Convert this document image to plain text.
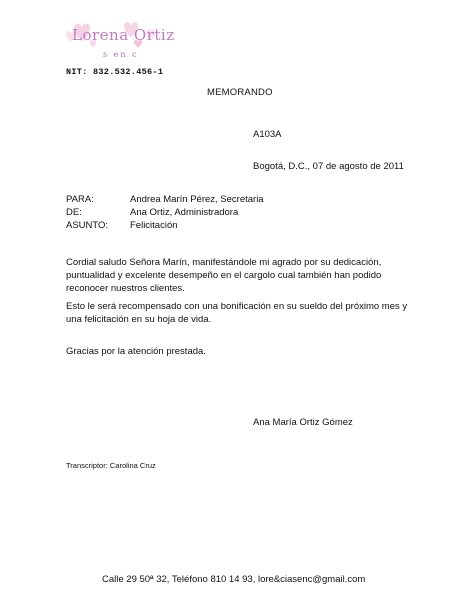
Lorena Ortiz
s en c
NIT: 832.532.456-1
MEMORANDO
A103A
Bogotá, D.C., 07 de agosto de 2011
PARA:	Andrea Marín Pérez, Secretaria
DE:	Ana Ortiz, Administradora
ASUNTO:	Felicitación
Cordial saludo Señora Marín, manifestándole mi agrado por su dedicación, puntualidad y excelente desempeño en el cargolo cual también han podido reconocer nuestros clientes.
Esto le será recompensado con una bonificación en su sueldo del próximo mes y una felicitación en su hoja de vida.
Gracias por la atención prestada.
Ana María Ortiz Gómez
Transcriptor: Carolina Cruz
Calle 29 50ª 32, Teléfono 810 14 93, lore&ciasenc@gmail.com
